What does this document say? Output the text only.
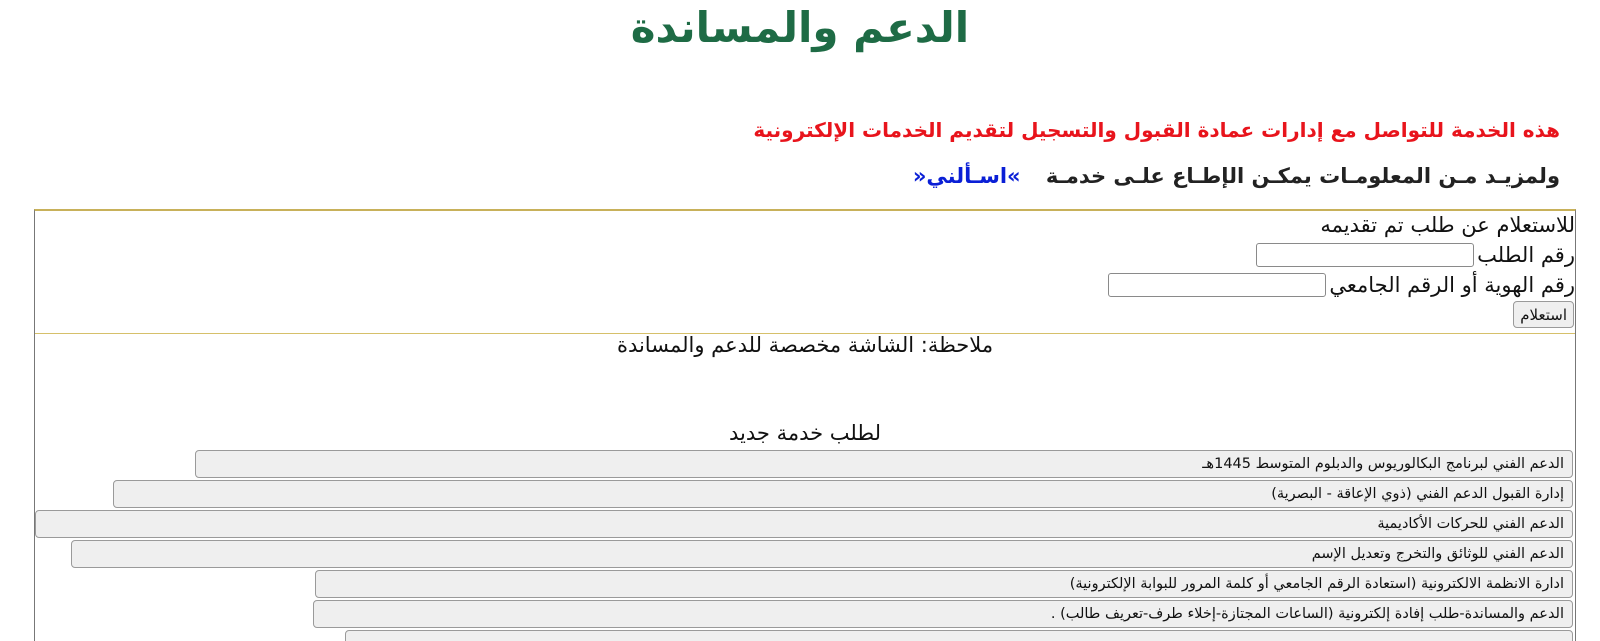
الدعم والمساندة
هذه الخدمة للتواصل مع إدارات عمادة القبول والتسجيل لتقديم الخدمات الإلكترونية
ولمزيـد مـن المعلومـات يمكـن الإطـاع علـى خدمـة »اسـألني«
للاستعلام عن طلب تم تقديمه
رقم الطلب
رقم الهوية أو الرقم الجامعي
استعلام
ملاحظة: الشاشة مخصصة للدعم والمساندة
لطلب خدمة جديد
الدعم الفني لبرنامج البكالوريوس والدبلوم المتوسط 1445هـ
إدارة القبول الدعم الفني (ذوي الإعاقة - البصرية)
الدعم الفني للحركات الأكاديمية
الدعم الفني للوثائق والتخرج وتعديل الإسم
ادارة الانظمة الالكترونية (استعادة الرقم الجامعي أو كلمة المرور للبوابة الإلكترونية)
الدعم والمساندة-طلب إفادة إلكترونية (الساعات المجتازة-إخلاء طرف-تعريف طالب) .
